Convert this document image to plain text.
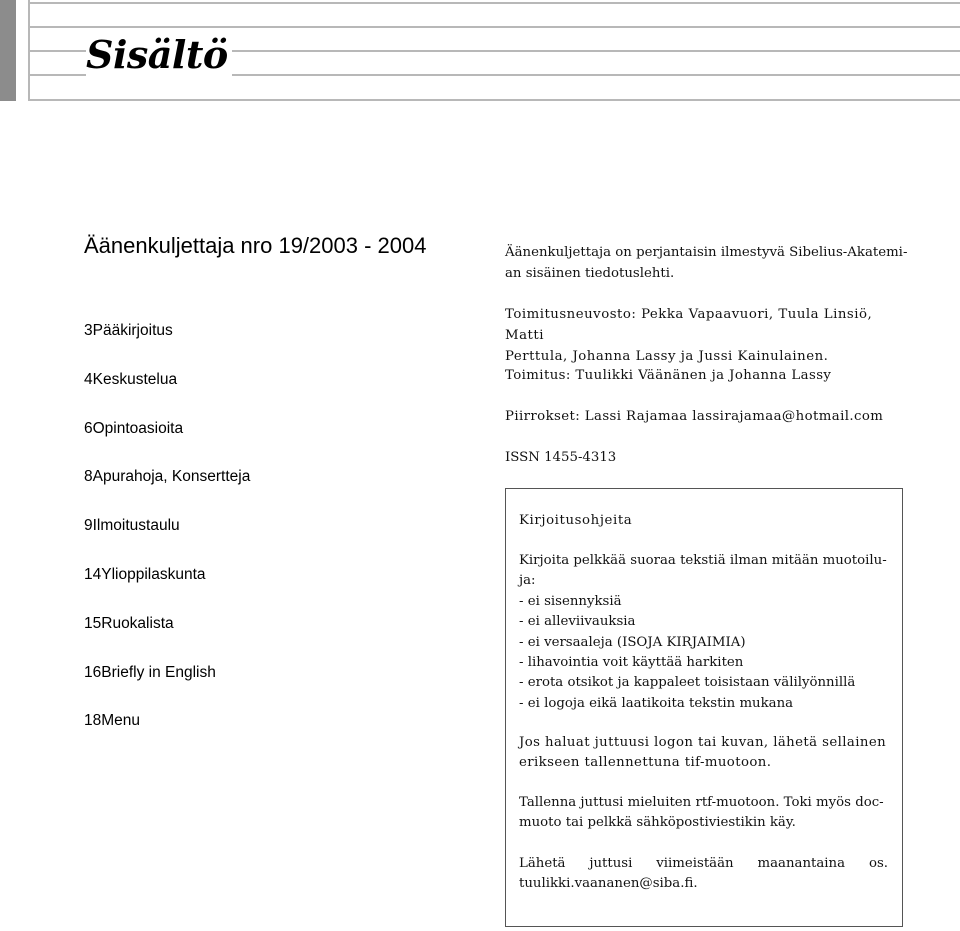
Sisältö
Äänenkuljettaja nro 19/2003 - 2004
3Pääkirjoitus
4Keskustelua
6Opintoasioita
8Apurahoja, Konsertteja
9Ilmoitustaulu
14Ylioppilaskunta
15Ruokalista
16Briefly in English
18Menu

Äänenkuljettaja on perjantaisin ilmestyvä Sibelius-Akatemi-

an sisäinen tiedotuslehti.

Toimitusneuvosto: Pekka Vapaavuori, Tuula Linsiö, Matti

Perttula, Johanna Lassy ja Jussi Kainulainen.

Toimitus: Tuulikki Väänänen ja Johanna Lassy
Piirrokset: Lassi Rajamaa lassirajamaa@hotmail.com
ISSN 1455-4313
Kirjoitusohjeita
Kirjoita pelkkää suoraa tekstiä ilman mitään muotoilu-
ja:
- ei sisennyksiä
- ei alleviivauksia
- ei versaaleja (ISOJA KIRJAIMIA)
- lihavointia voit käyttää harkiten
- erota otsikot ja kappaleet toisistaan välilyönnillä
- ei logoja eikä laatikoita tekstin mukana
Jos haluat juttuusi logon tai kuvan, lähetä sellainen
erikseen tallennettuna tif-muotoon.
Tallenna juttusi mieluiten rtf-muotoon. Toki myös doc-
muoto tai pelkkä sähköpostiviestikin käy.
Lähetä juttusi viimeistään maanantaina os.
tuulikki.vaananen@siba.fi.
